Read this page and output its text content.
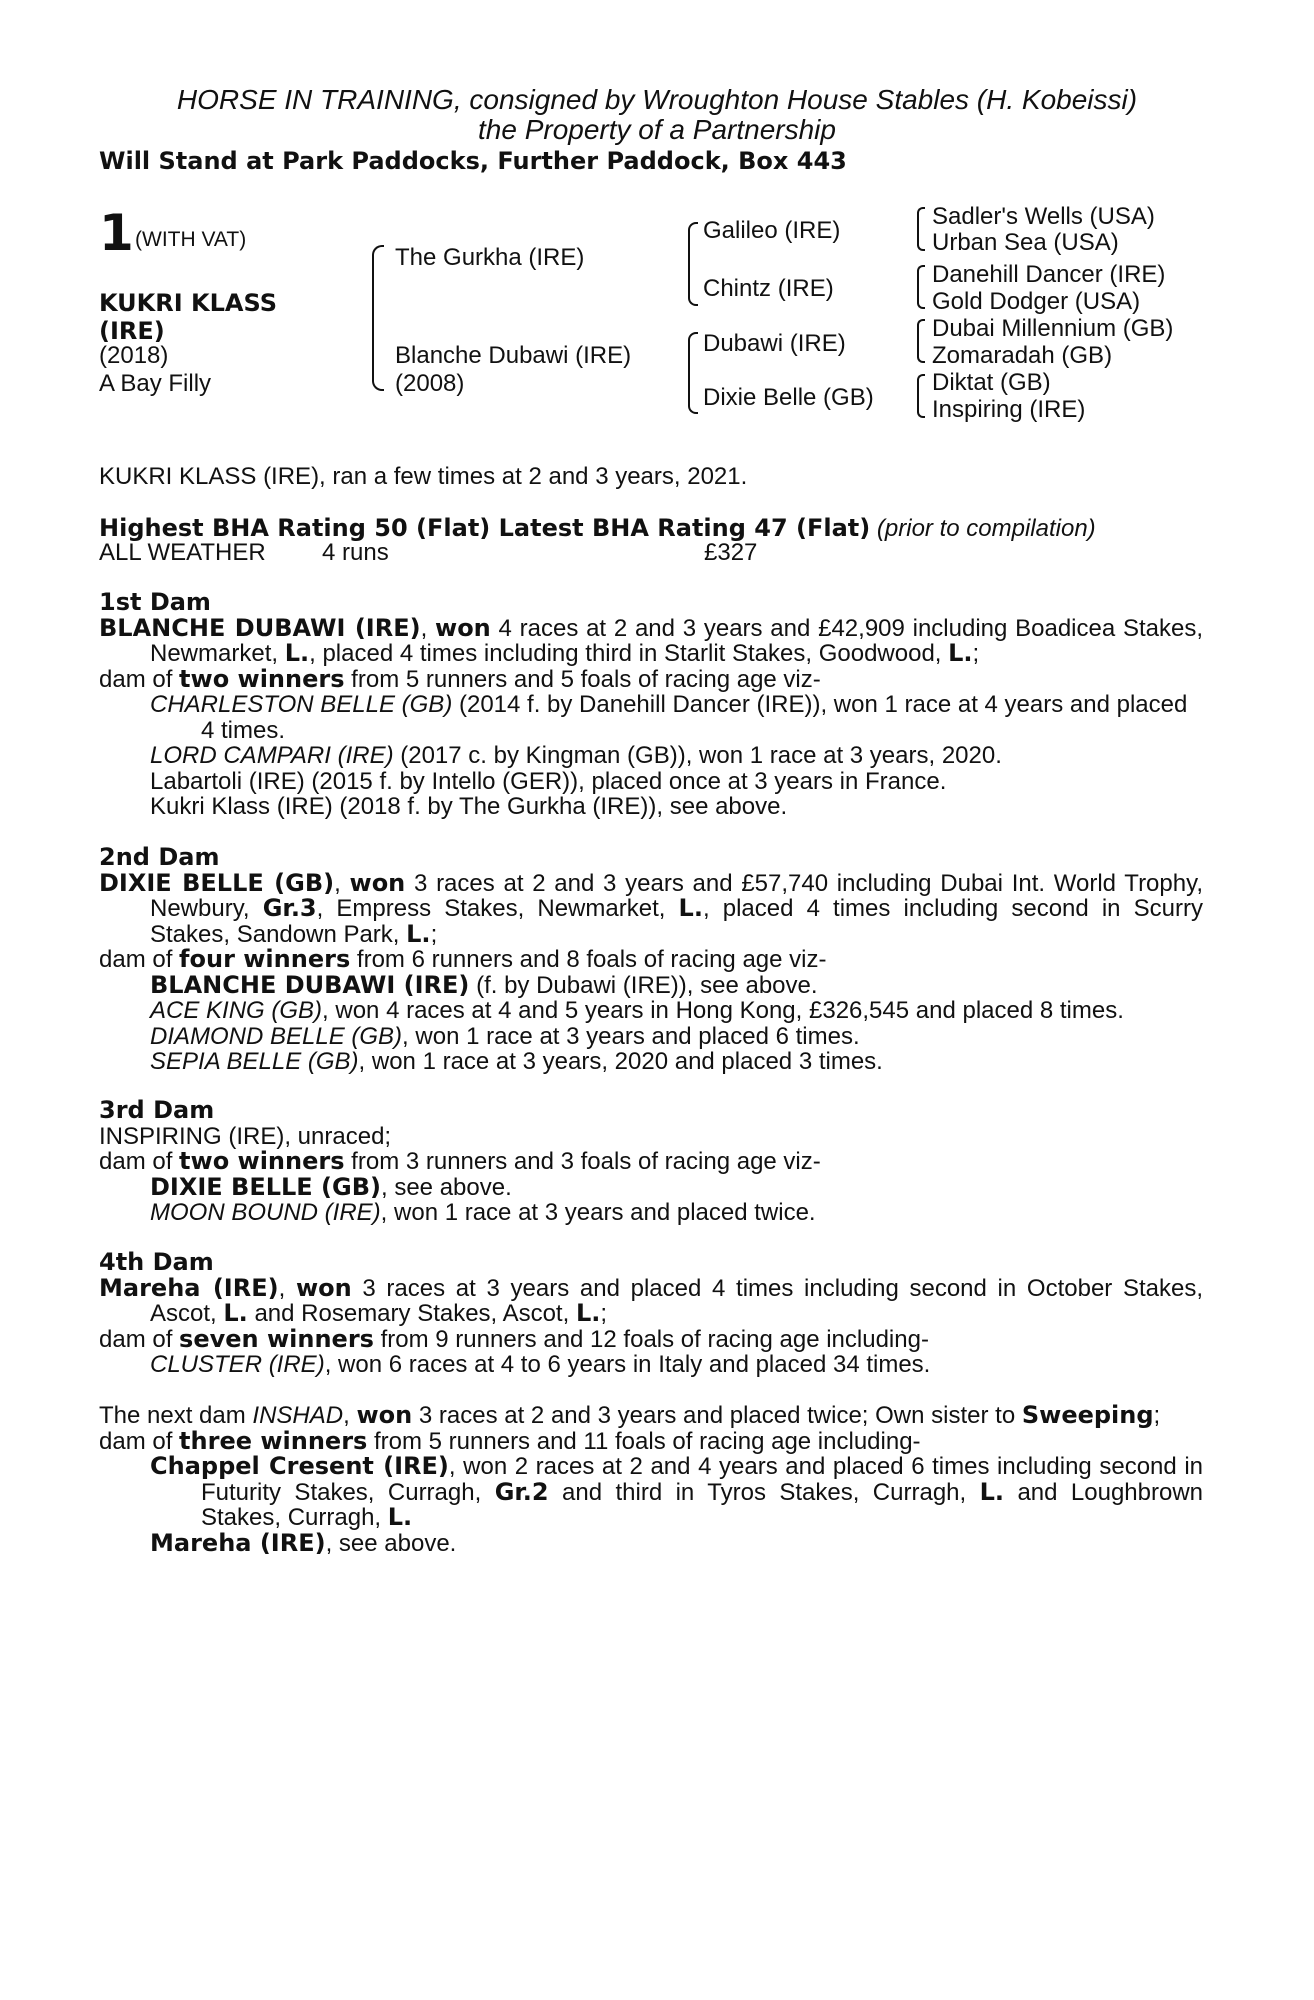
HORSE IN TRAINING, consigned by Wroughton House Stables (H. Kobeissi)
the Property of a Partnership
Will Stand at Park Paddocks, Further Paddock, Box 443
1 (WITH VAT)
KUKRI KLASS
(IRE)
(2018)
A Bay Filly
The Gurkha (IRE)
Blanche Dubawi (IRE)
(2008)
Galileo (IRE)
Chintz (IRE)
Dubawi (IRE)
Dixie Belle (GB)
Sadler's Wells (USA)
Urban Sea (USA)
Danehill Dancer (IRE)
Gold Dodger (USA)
Dubai Millennium (GB)
Zomaradah (GB)
Diktat (GB)
Inspiring (IRE)
KUKRI KLASS (IRE), ran a few times at 2 and 3 years, 2021.
Highest BHA Rating 50 (Flat) Latest BHA Rating 47 (Flat) (prior to compilation)
ALL WEATHER 4 runs	£327

1st Dam

BLANCHE DUBAWI (IRE), won 4 races at 2 and 3 years and £42,909 including Boadicea Stakes, Newmarket, L., placed 4 times including third in Starlit Stakes, Goodwood, L.;

dam of two winners from 5 runners and 5 foals of racing age viz-

CHARLESTON BELLE (GB) (2014 f. by Danehill Dancer (IRE)), won 1 race at 4 years and placed 4 times.

LORD CAMPARI (IRE) (2017 c. by Kingman (GB)), won 1 race at 3 years, 2020.

Labartoli (IRE) (2015 f. by Intello (GER)), placed once at 3 years in France.

Kukri Klass (IRE) (2018 f. by The Gurkha (IRE)), see above.

2nd Dam

DIXIE BELLE (GB), won 3 races at 2 and 3 years and £57,740 including Dubai Int. World Trophy, Newbury, Gr.3, Empress Stakes, Newmarket, L., placed 4 times including second in Scurry Stakes, Sandown Park, L.;

dam of four winners from 6 runners and 8 foals of racing age viz-

BLANCHE DUBAWI (IRE) (f. by Dubawi (IRE)), see above.

ACE KING (GB), won 4 races at 4 and 5 years in Hong Kong, £326,545 and placed 8 times.

DIAMOND BELLE (GB), won 1 race at 3 years and placed 6 times.

SEPIA BELLE (GB), won 1 race at 3 years, 2020 and placed 3 times.

3rd Dam

INSPIRING (IRE), unraced;

dam of two winners from 3 runners and 3 foals of racing age viz-

DIXIE BELLE (GB), see above.

MOON BOUND (IRE), won 1 race at 3 years and placed twice.

4th Dam

Mareha (IRE), won 3 races at 3 years and placed 4 times including second in October Stakes, Ascot, L. and Rosemary Stakes, Ascot, L.;

dam of seven winners from 9 runners and 12 foals of racing age including-

CLUSTER (IRE), won 6 races at 4 to 6 years in Italy and placed 34 times.

The next dam INSHAD, won 3 races at 2 and 3 years and placed twice; Own sister to Sweeping;

dam of three winners from 5 runners and 11 foals of racing age including-

Chappel Cresent (IRE), won 2 races at 2 and 4 years and placed 6 times including second in Futurity Stakes, Curragh, Gr.2 and third in Tyros Stakes, Curragh, L. and Loughbrown Stakes, Curragh, L.

Mareha (IRE), see above.
